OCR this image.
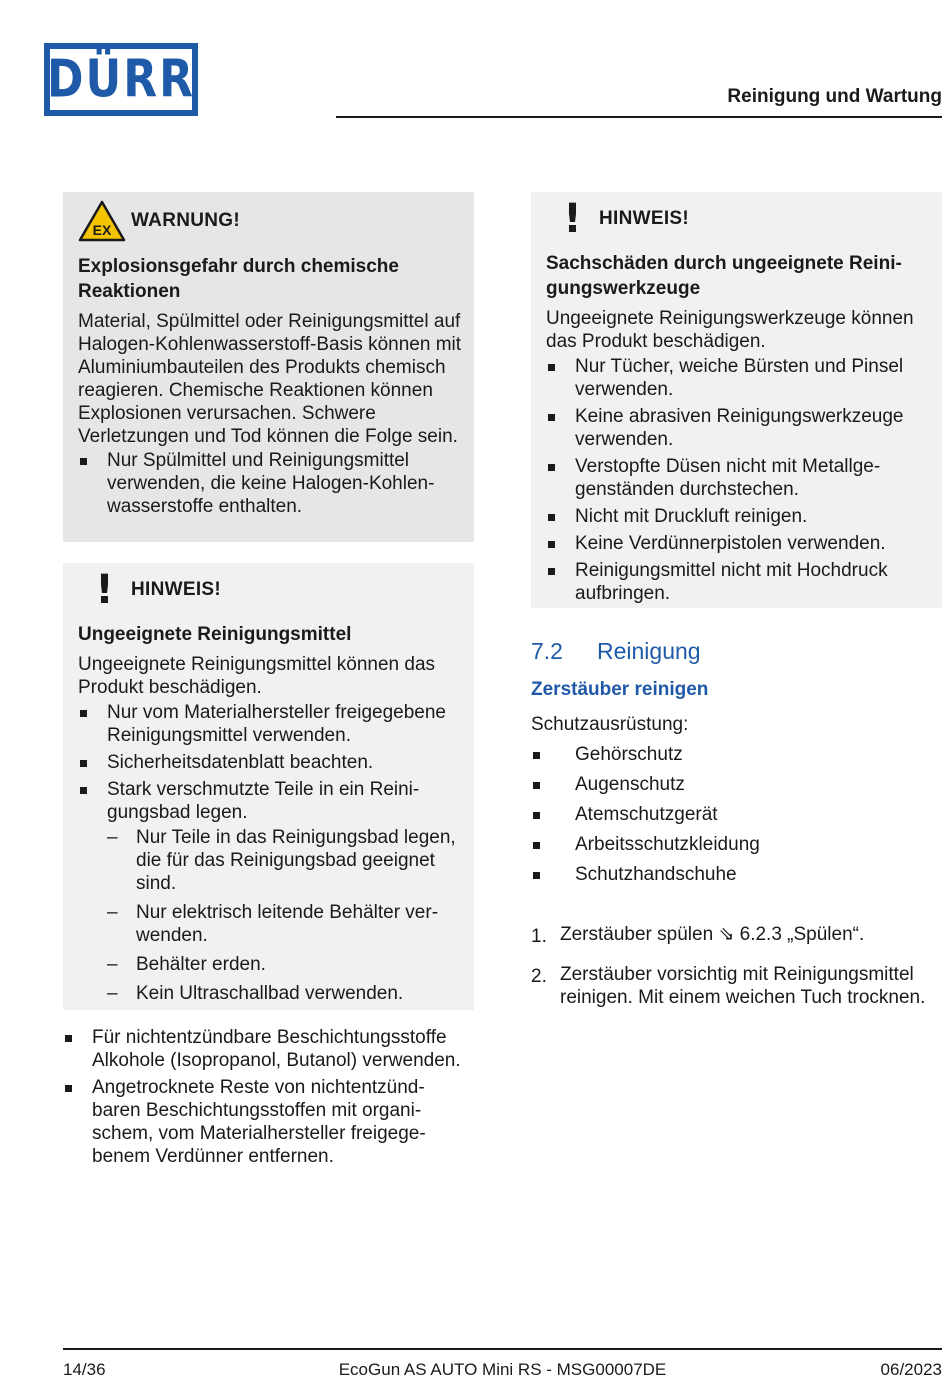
DÜRR	Reinigung und Wartung
EX WARNUNG!
Explosionsgefahr durch chemische Reaktionen
Material, Spülmittel oder Reinigungsmittel auf Halogen-Kohlenwasserstoff-Basis können mit Aluminiumbauteilen des Produkts chemisch reagieren. Chemische Reaktionen können Explosionen verursachen. Schwere Verletzungen und Tod können die Folge sein.
Nur Spülmittel und Reinigungsmittel verwenden, die keine Halogen-Kohlenwasserstoffe enthalten.
! HINWEIS!
Ungeeignete Reinigungsmittel
Ungeeignete Reinigungsmittel können das Produkt beschädigen.
Nur vom Materialhersteller freigegebene Reinigungsmittel verwenden.
Sicherheitsdatenblatt beachten.
Stark verschmutzte Teile in ein Reinigungsbad legen.
– Nur Teile in das Reinigungsbad legen, die für das Reinigungsbad geeignet sind.
– Nur elektrisch leitende Behälter verwenden.
– Behälter erden.
– Kein Ultraschallbad verwenden.
Für nichtentzündbare Beschichtungsstoffe Alkohole (Isopropanol, Butanol) verwenden.
Angetrocknete Reste von nichtentzündbaren Beschichtungsstoffen mit organischem, vom Materialhersteller freigegebenem Verdünner entfernen.
! HINWEIS!
Sachschäden durch ungeeignete Reinigungswerkzeuge
Ungeeignete Reinigungswerkzeuge können das Produkt beschädigen.
Nur Tücher, weiche Bürsten und Pinsel verwenden.
Keine abrasiven Reinigungswerkzeuge verwenden.
Verstopfte Düsen nicht mit Metallgegenständen durchstechen.
Nicht mit Druckluft reinigen.
Keine Verdünnerpistolen verwenden.
Reinigungsmittel nicht mit Hochdruck aufbringen.
7.2 Reinigung
Zerstäuber reinigen
Schutzausrüstung:
Gehörschutz
Augenschutz
Atemschutzgerät
Arbeitsschutzkleidung
Schutzhandschuhe
1. Zerstäuber spülen ⇘ 6.2.3 „Spülen“.
2. Zerstäuber vorsichtig mit Reinigungsmittel reinigen. Mit einem weichen Tuch trocknen.
14/36	EcoGun AS AUTO Mini RS - MSG00007DE	06/2023
